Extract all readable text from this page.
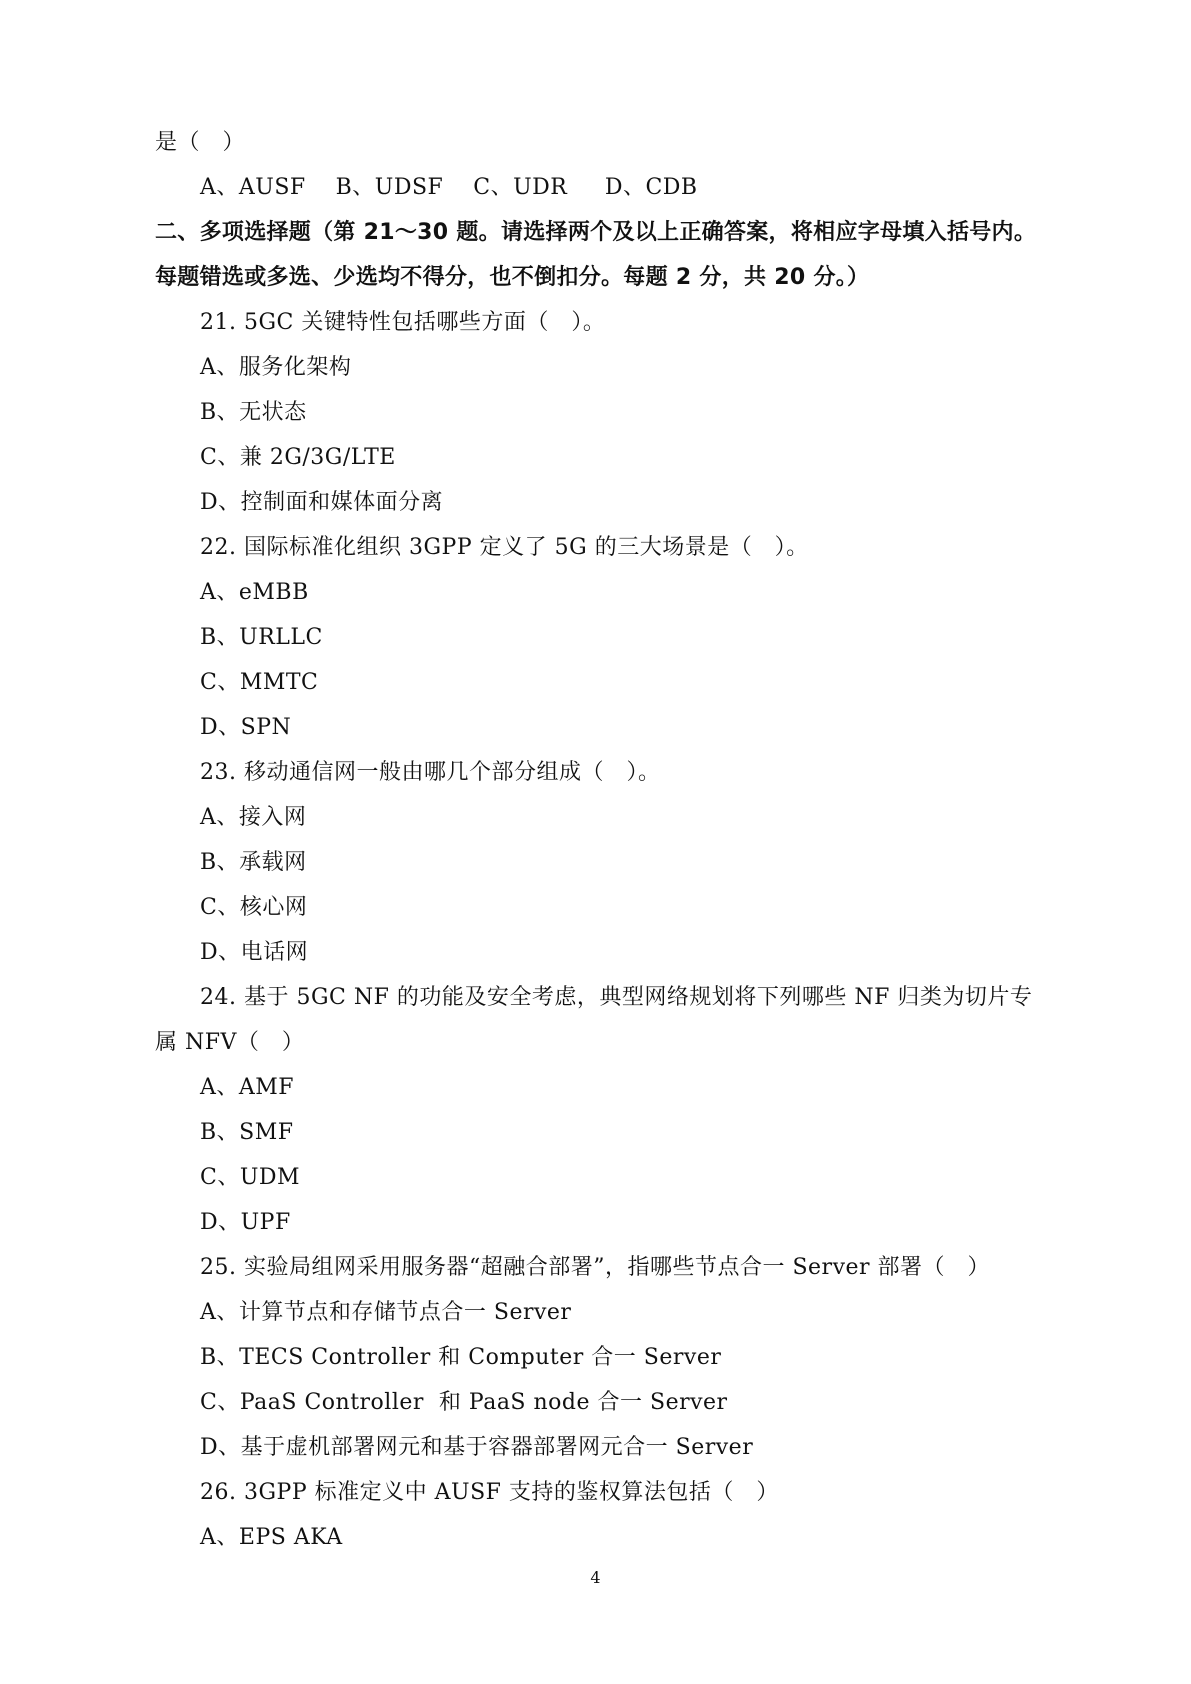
是（   ）
A、AUSF    B、UDSF    C、UDR     D、CDB
二、多项选择题（第 21～30 题。请选择两个及以上正确答案，将相应字母填入括号内。
每题错选或多选、少选均不得分，也不倒扣分。每题 2 分，共 20 分。）
21. 5GC 关键特性包括哪些方面（   ）。
A、服务化架构
B、无状态
C、兼 2G/3G/LTE
D、控制面和媒体面分离
22. 国际标准化组织 3GPP 定义了 5G 的三大场景是（   ）。
A、eMBB
B、URLLC
C、MMTC
D、SPN
23. 移动通信网一般由哪几个部分组成（   ）。
A、接入网
B、承载网
C、核心网
D、电话网
24. 基于 5GC NF 的功能及安全考虑，典型网络规划将下列哪些 NF 归类为切片专
属 NFV（   ）
A、AMF
B、SMF
C、UDM
D、UPF
25. 实验局组网采用服务器“超融合部署”，指哪些节点合一 Server 部署（   ）
A、计算节点和存储节点合一 Server
B、TECS Controller 和 Computer 合一 Server
C、PaaS Controller  和 PaaS node 合一 Server
D、基于虚机部署网元和基于容器部署网元合一 Server
26. 3GPP 标准定义中 AUSF 支持的鉴权算法包括（   ）
A、EPS AKA
4
